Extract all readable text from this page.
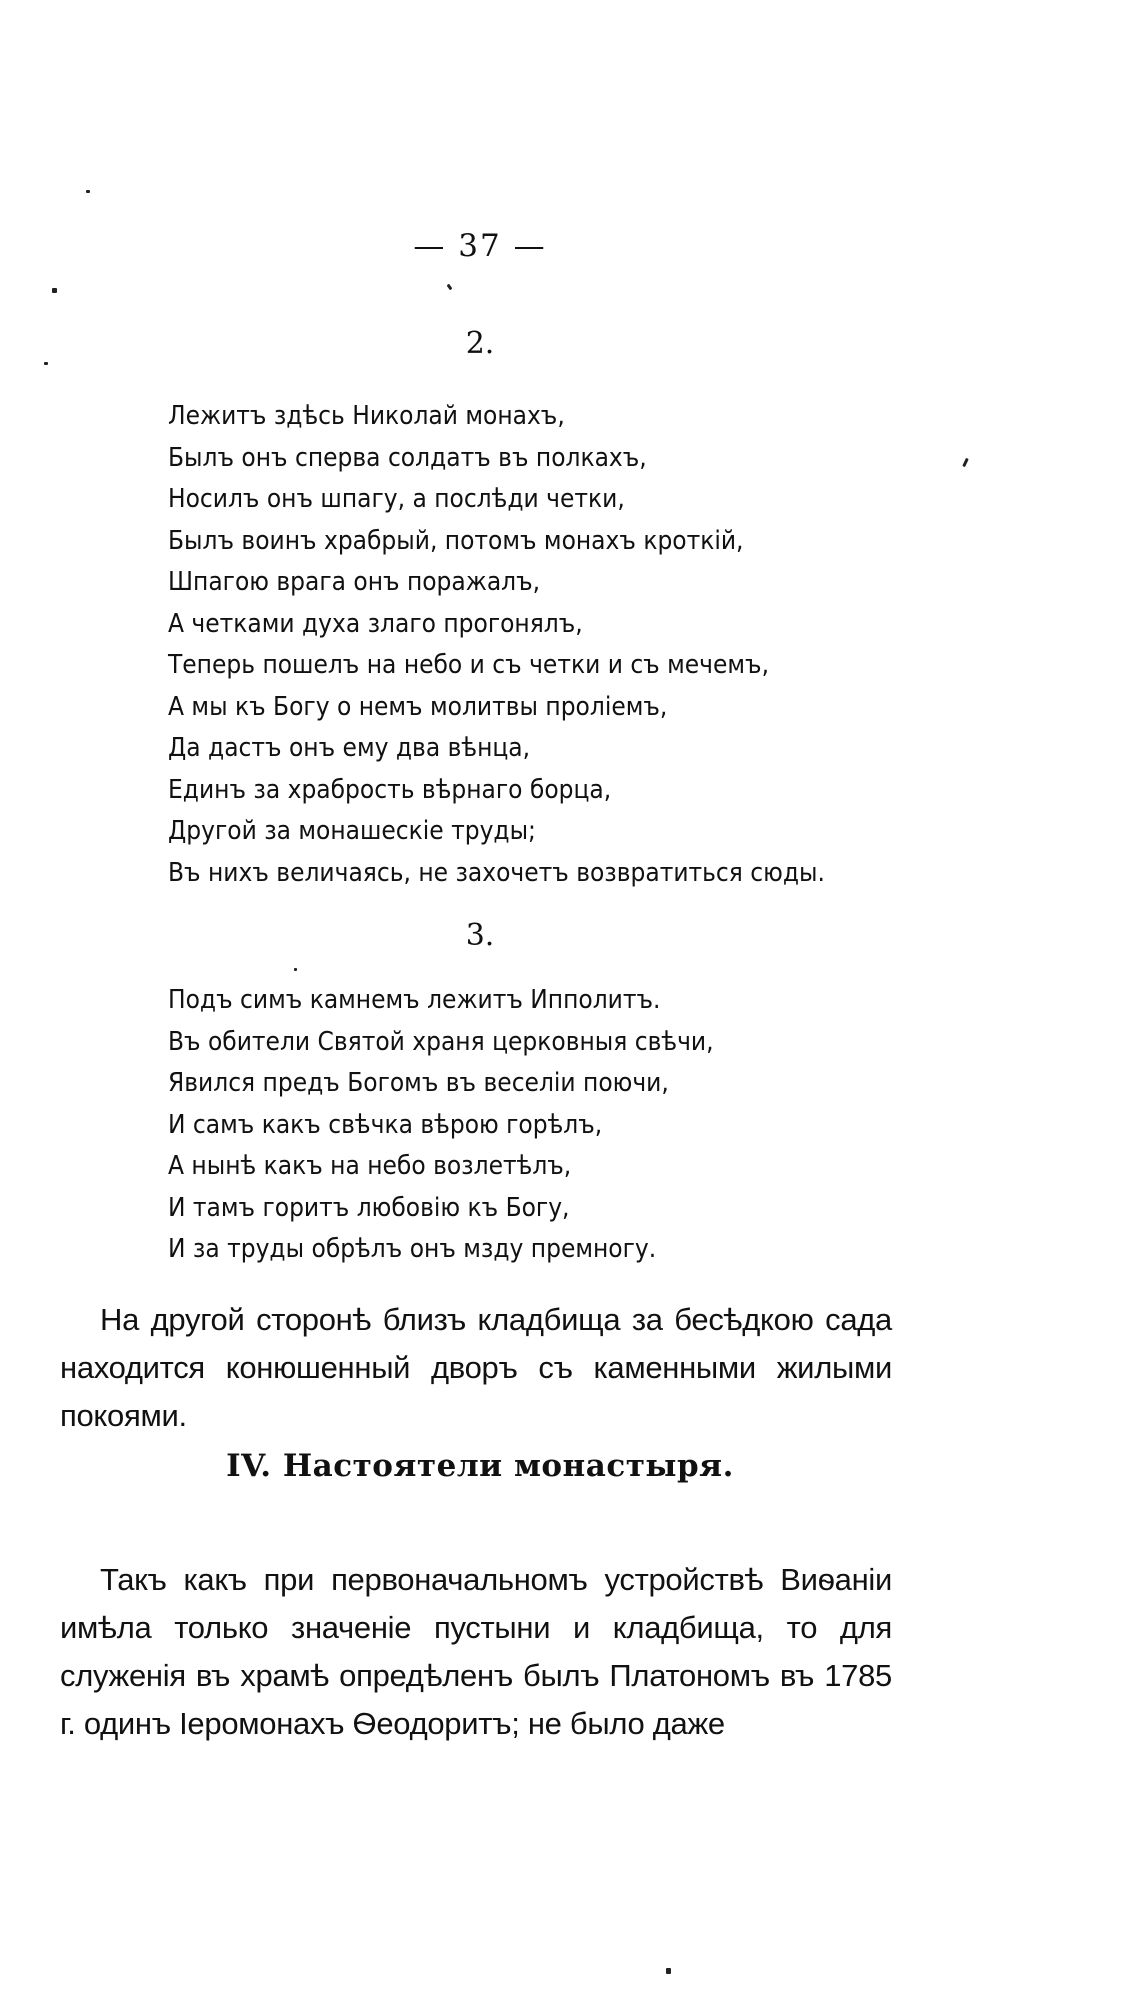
— 37 —
2.
Лежитъ здѣсь Николай монахъ,
Былъ онъ сперва солдатъ въ полкахъ,
Носилъ онъ шпагу, а послѣди четки,
Былъ воинъ храбрый, потомъ монахъ кроткій,
Шпагою врага онъ поражалъ,
А четками духа злаго прогонялъ,
Теперь пошелъ на небо и съ четки и съ мечемъ,
А мы къ Богу о немъ молитвы пролiемъ,
Да дастъ онъ ему два вѣнца,
Единъ за храбрость вѣрнаго борца,
Другой за монашескіе труды;
Въ нихъ величаясь, не захочетъ возвратиться сюды.
3.
Подъ симъ камнемъ лежитъ Ипполитъ.
Въ обители Святой храня церковныя свѣчи,
Явился предъ Богомъ въ веселіи поючи,
И самъ какъ свѣчка вѣрою горѣлъ,
А нынѣ какъ на небо возлетѣлъ,
И тамъ горитъ любовію къ Богу,
И за труды обрѣлъ онъ мзду премногу.

На другой сторонѣ близъ кладбища за бесѣдкою сада находится конюшенный дворъ съ каменными жилыми покоями.

IV. Настоятели монастыря.

Такъ какъ при первоначальномъ устройствѣ Виѳаніи имѣла только значеніе пустыни и кладбища, то для служенія въ храмѣ опредѣленъ былъ Платономъ въ 1785 г. одинъ Іеромонахъ Ѳеодоритъ; не было даже
